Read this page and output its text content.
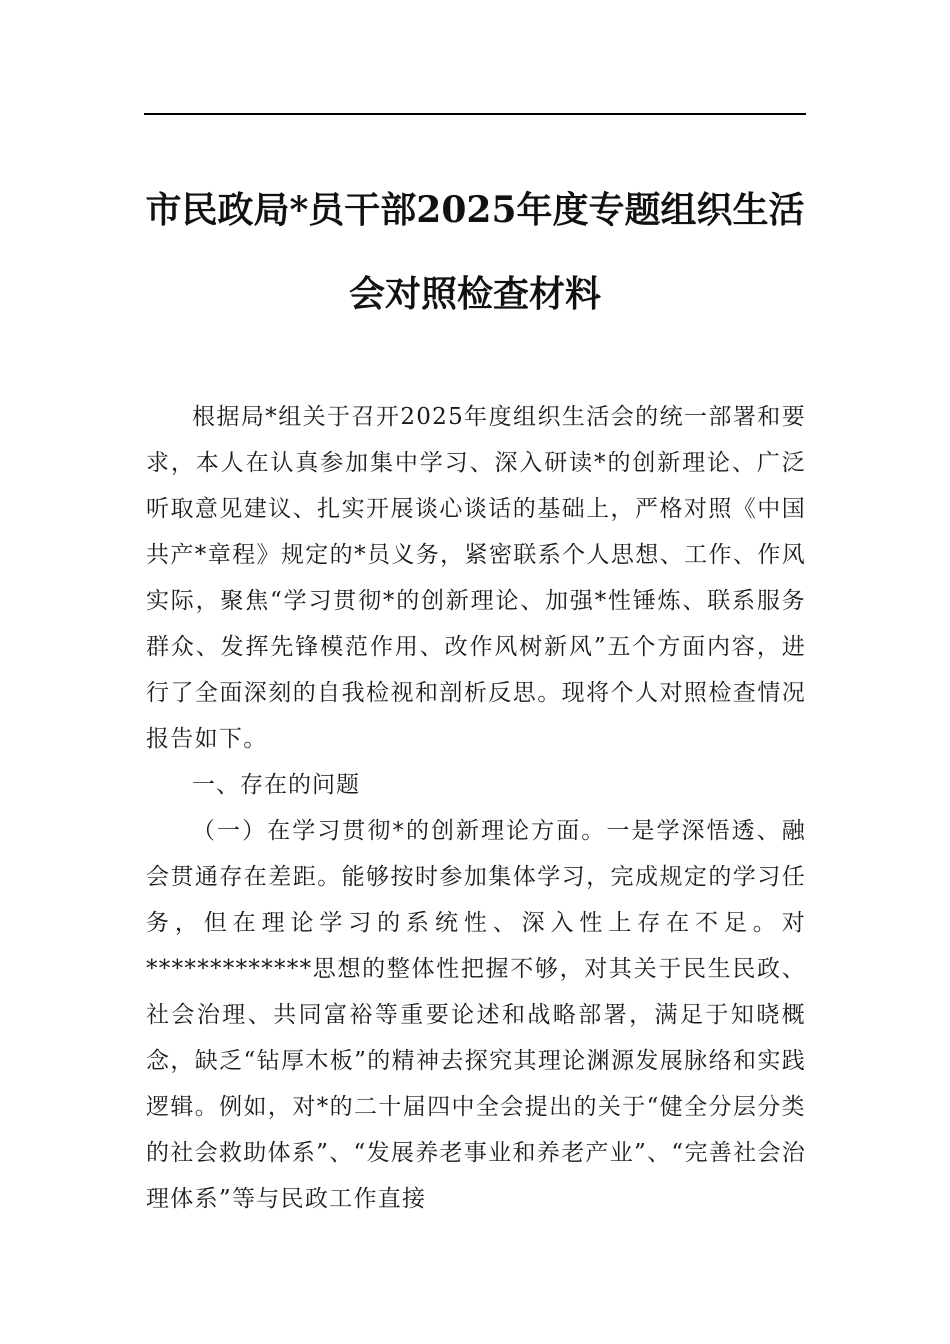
市民政局*员干部2025年度专题组织生活
会对照检查材料

根据局*组关于召开2025年度组织生活会的统一部署和要求，本人在认真参加集中学习、深入研读*的创新理论、广泛听取意见建议、扎实开展谈心谈话的基础上，严格对照《中国共产*章程》规定的*员义务，紧密联系个人思想、工作、作风实际，聚焦“学习贯彻*的创新理论、加强*性锤炼、联系服务群众、发挥先锋模范作用、改作风树新风”五个方面内容，进行了全面深刻的自我检视和剖析反思。现将个人对照检查情况报告如下。

一、存在的问题

（一）在学习贯彻*的创新理论方面。一是学深悟透、融会贯通存在差距。能够按时参加集体学习，完成规定的学习任务，但在理论学习的系统性、深入性上存在不足。对*************思想的整体性把握不够，对其关于民生民政、社会治理、共同富裕等重要论述和战略部署，满足于知晓概念，缺乏“钻厚木板”的精神去探究其理论渊源发展脉络和实践逻辑。例如，对*的二十届四中全会提出的关于“健全分层分类的社会救助体系”、“发展养老事业和养老产业”、“完善社会治理体系”等与民政工作直接
